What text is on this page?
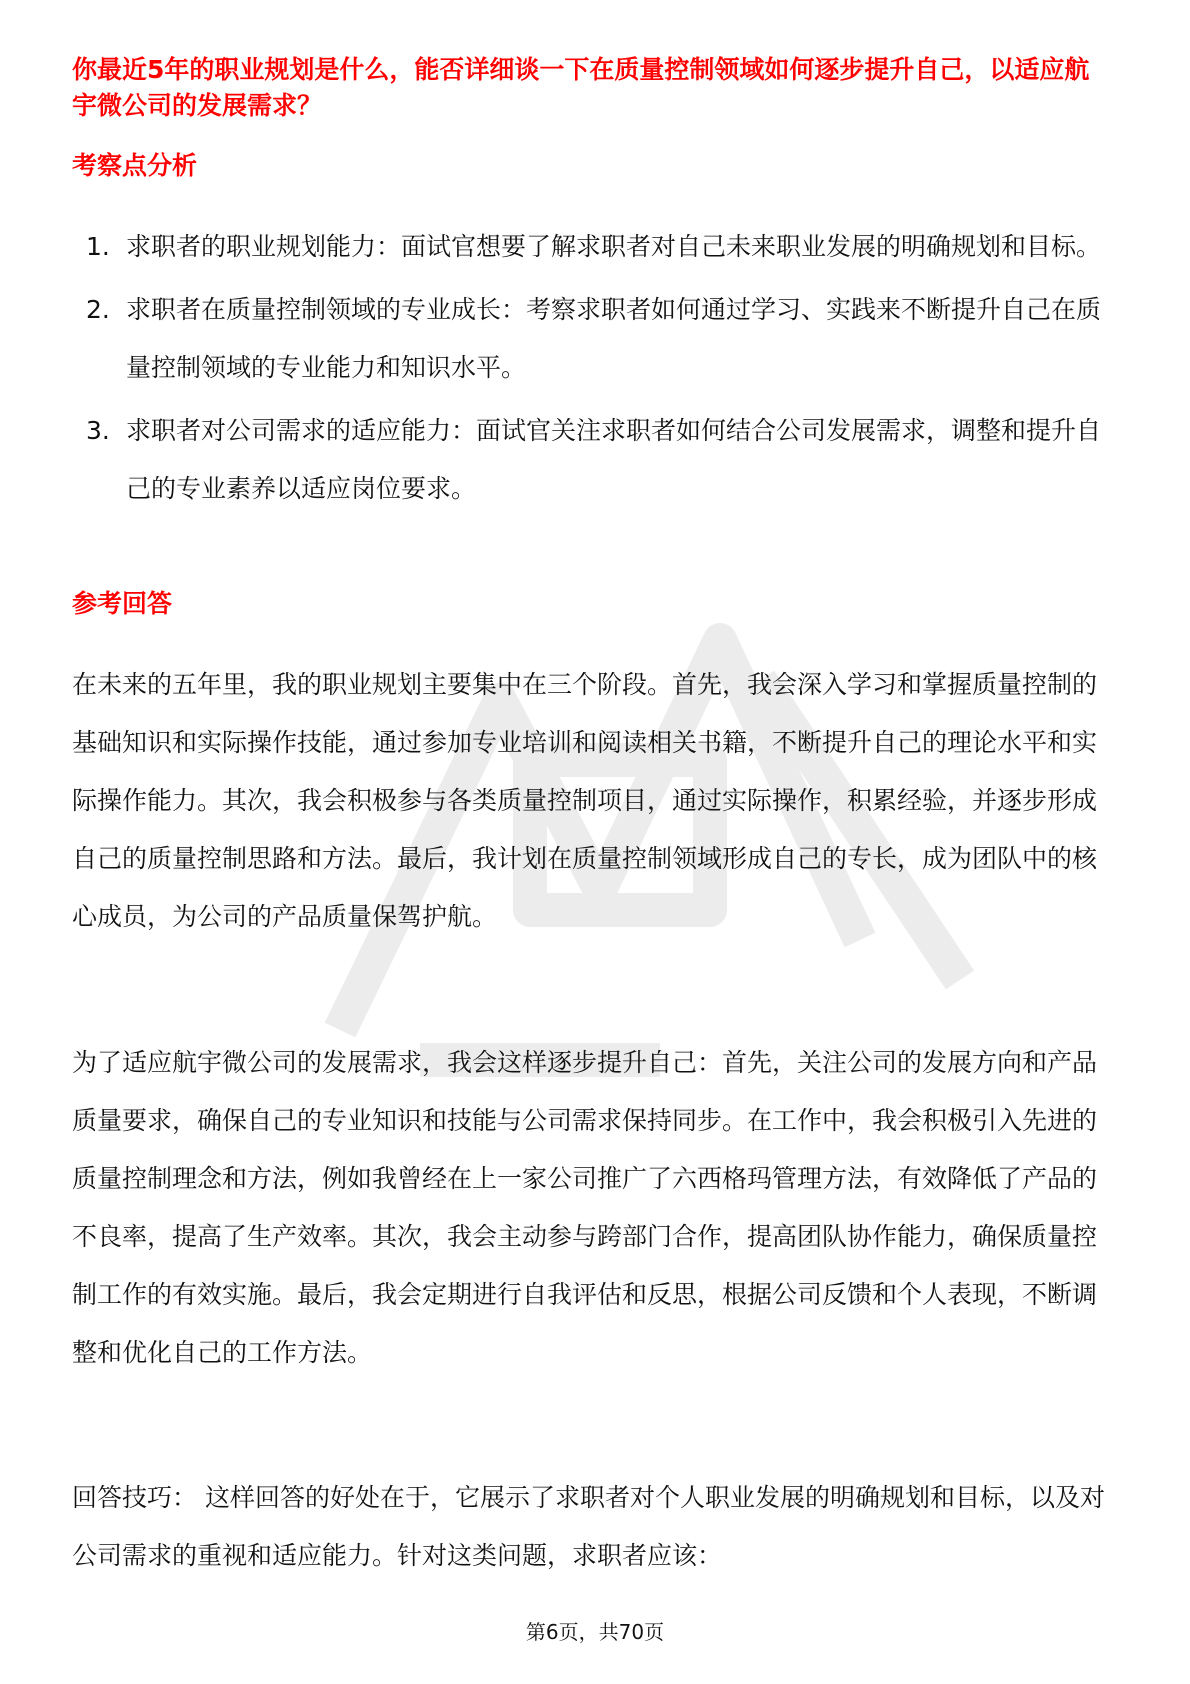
你最近5年的职业规划是什么，能否详细谈一下在质量控制领域如何逐步提升自己，以适应航宇微公司的发展需求？
考察点分析
1. 求职者的职业规划能力：面试官想要了解求职者对自己未来职业发展的明确规划和目标。
2. 求职者在质量控制领域的专业成长：考察求职者如何通过学习、实践来不断提升自己在质量控制领域的专业能力和知识水平。
3. 求职者对公司需求的适应能力：面试官关注求职者如何结合公司发展需求，调整和提升自己的专业素养以适应岗位要求。
参考回答

在未来的五年里，我的职业规划主要集中在三个阶段。首先，我会深入学习和掌握质量控制的基础知识和实际操作技能，通过参加专业培训和阅读相关书籍，不断提升自己的理论水平和实际操作能力。其次，我会积极参与各类质量控制项目，通过实际操作，积累经验，并逐步形成自己的质量控制思路和方法。最后，我计划在质量控制领域形成自己的专长，成为团队中的核心成员，为公司的产品质量保驾护航。

为了适应航宇微公司的发展需求，我会这样逐步提升自己：首先，关注公司的发展方向和产品质量要求，确保自己的专业知识和技能与公司需求保持同步。在工作中，我会积极引入先进的质量控制理念和方法，例如我曾经在上一家公司推广了六西格玛管理方法，有效降低了产品的不良率，提高了生产效率。其次，我会主动参与跨部门合作，提高团队协作能力，确保质量控制工作的有效实施。最后，我会定期进行自我评估和反思，根据公司反馈和个人表现，不断调整和优化自己的工作方法。

回答技巧： 这样回答的好处在于，它展示了求职者对个人职业发展的明确规划和目标，以及对公司需求的重视和适应能力。针对这类问题，求职者应该：

第6页，共70页
